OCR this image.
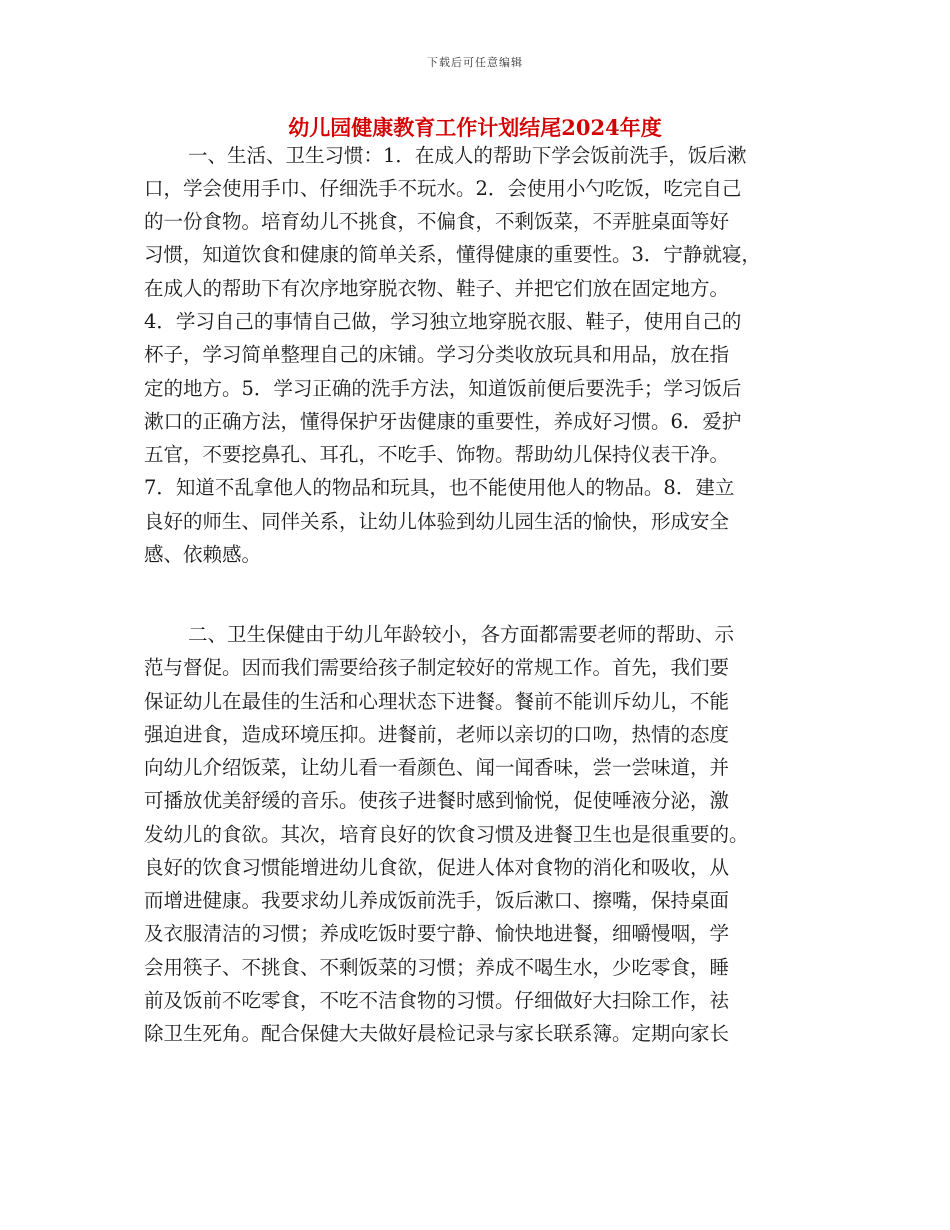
下载后可任意编辑
幼儿园健康教育工作计划结尾2024年度
一、生活、卫生习惯：1．在成人的帮助下学会饭前洗手，饭后漱
口，学会使用手巾、仔细洗手不玩水。2．会使用小勺吃饭，吃完自己
的一份食物。培育幼儿不挑食，不偏食，不剩饭菜，不弄脏桌面等好
习惯，知道饮食和健康的简单关系，懂得健康的重要性。3．宁静就寝，
在成人的帮助下有次序地穿脱衣物、鞋子、并把它们放在固定地方。
4．学习自己的事情自己做，学习独立地穿脱衣服、鞋子，使用自己的
杯子，学习简单整理自己的床铺。学习分类收放玩具和用品，放在指
定的地方。5．学习正确的洗手方法，知道饭前便后要洗手；学习饭后
漱口的正确方法，懂得保护牙齿健康的重要性，养成好习惯。6．爱护
五官，不要挖鼻孔、耳孔，不吃手、饰物。帮助幼儿保持仪表干净。
7．知道不乱拿他人的物品和玩具，也不能使用他人的物品。8．建立
良好的师生、同伴关系，让幼儿体验到幼儿园生活的愉快，形成安全
感、依赖感。
二、卫生保健由于幼儿年龄较小，各方面都需要老师的帮助、示
范与督促。因而我们需要给孩子制定较好的常规工作。首先，我们要
保证幼儿在最佳的生活和心理状态下进餐。餐前不能训斥幼儿，不能
强迫进食，造成环境压抑。进餐前，老师以亲切的口吻，热情的态度
向幼儿介绍饭菜，让幼儿看一看颜色、闻一闻香味，尝一尝味道，并
可播放优美舒缓的音乐。使孩子进餐时感到愉悦，促使唾液分泌，激
发幼儿的食欲。其次，培育良好的饮食习惯及进餐卫生也是很重要的。
良好的饮食习惯能增进幼儿食欲，促进人体对食物的消化和吸收，从
而增进健康。我要求幼儿养成饭前洗手，饭后漱口、擦嘴，保持桌面
及衣服清洁的习惯；养成吃饭时要宁静、愉快地进餐，细嚼慢咽，学
会用筷子、不挑食、不剩饭菜的习惯；养成不喝生水，少吃零食，睡
前及饭前不吃零食，不吃不洁食物的习惯。仔细做好大扫除工作，祛
除卫生死角。配合保健大夫做好晨检记录与家长联系簿。定期向家长
